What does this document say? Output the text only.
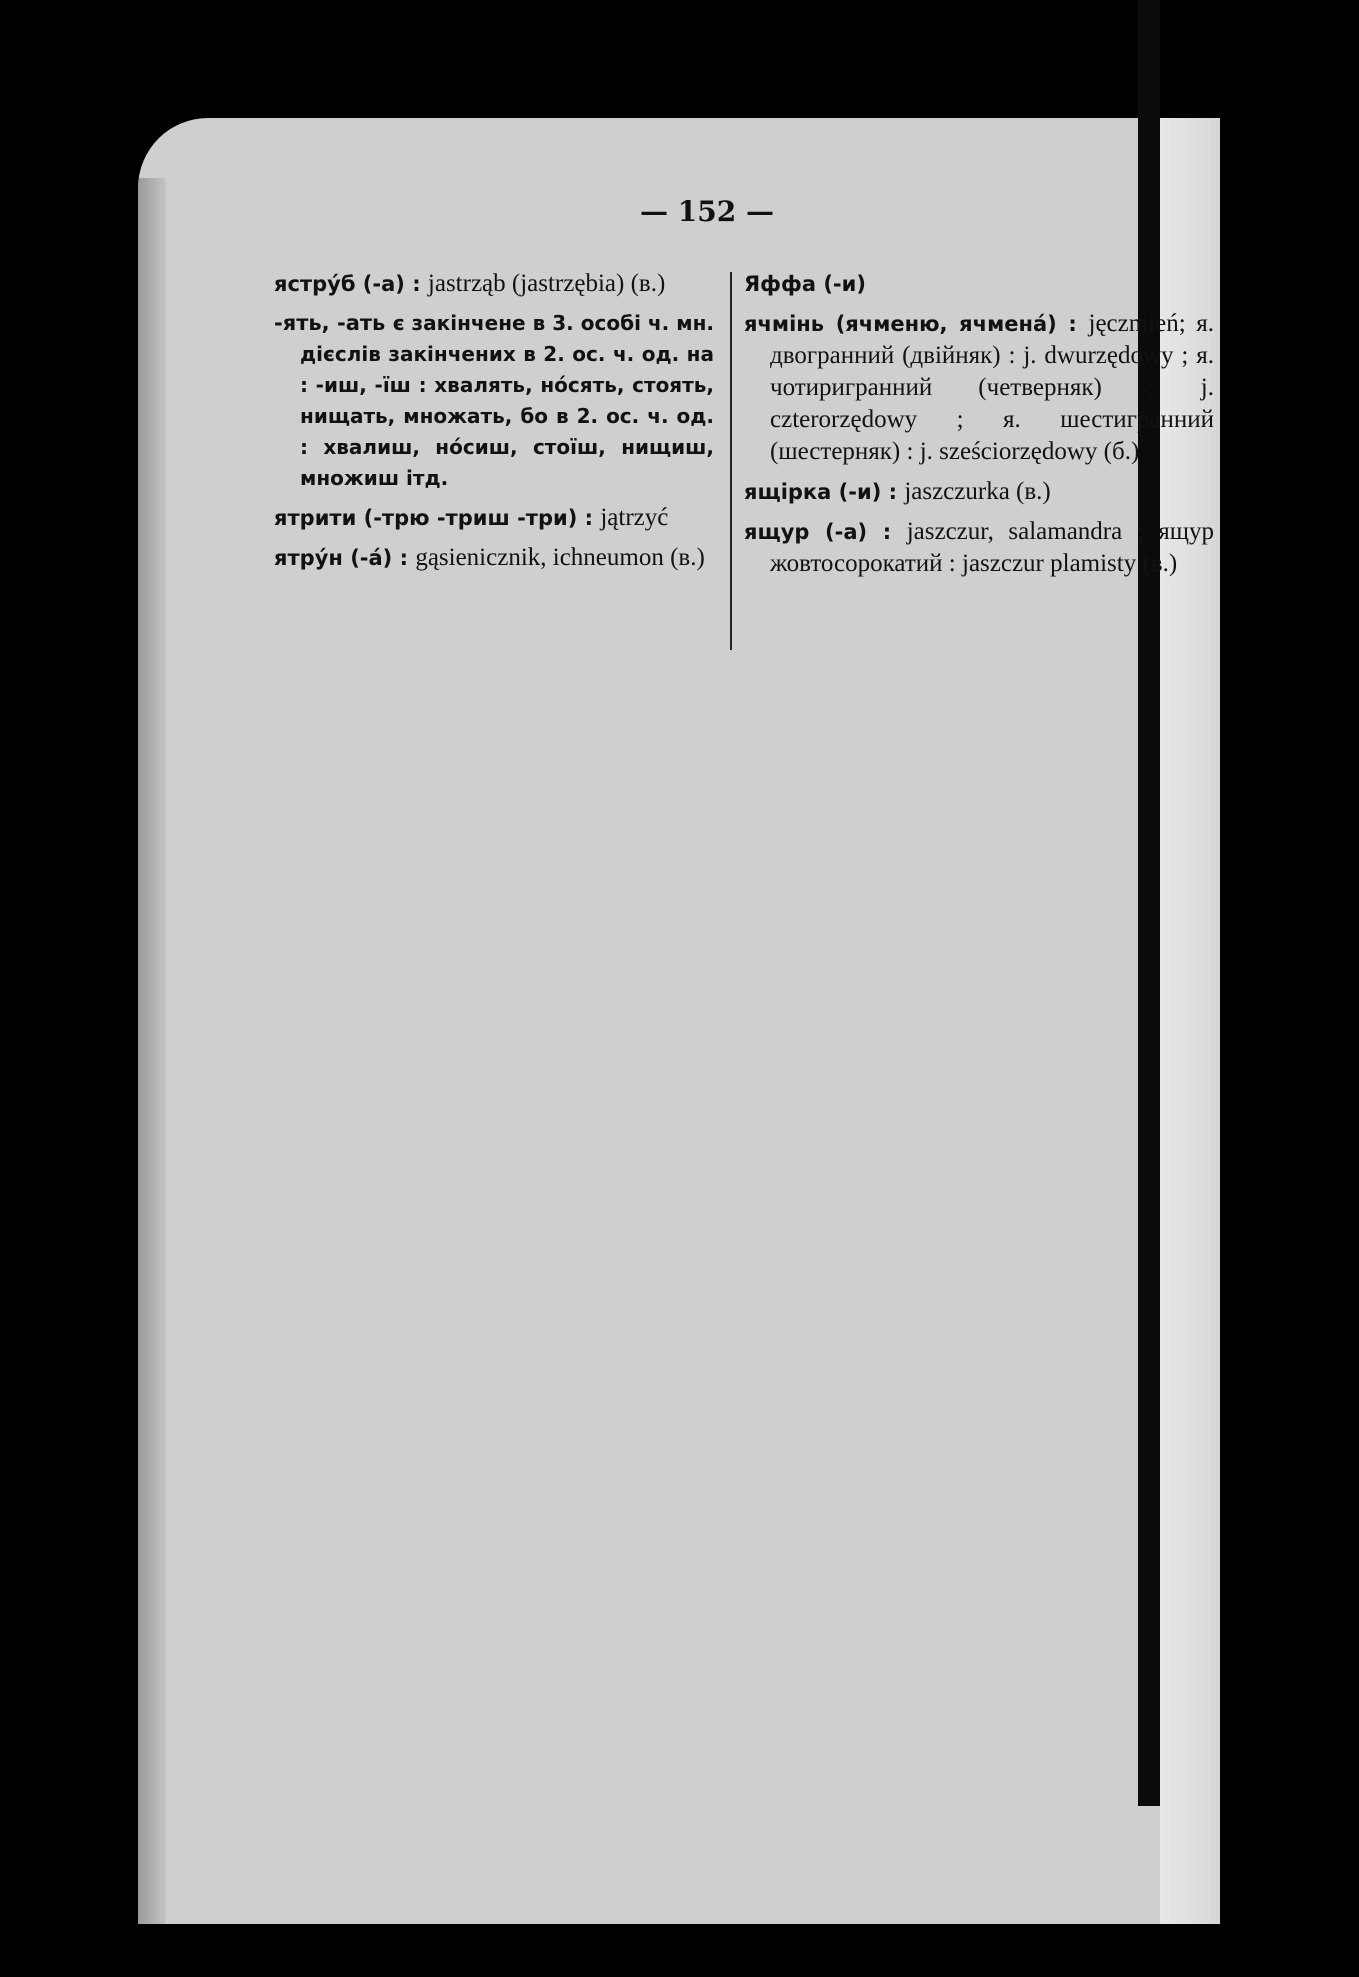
— 152 —
ястрýб (-а) : jastrząb (jastrzębia) (в.)
-ять, -ать є закінчене в 3. особі ч. мн. дієслів закінчених в 2. ос. ч. од. на : -иш, -їш : хвалять, нóсять, стоять, нищать, множать, бо в 2. ос. ч. од. : хвалиш, нóсиш, стоїш, нищиш, множиш ітд.
ятрити (-трю -триш -три) : jątrzyć
ятрýн (-á) : gąsienicznik, ichneumon (в.)
Яффа (-и)
ячмінь (ячменю, ячменá) : jęczmień; я. двогранний (двійняк) : j. dwurzędowy ; я. чотиригранний (четверняк) : j. czterorzędowy ; я. шестигранний (шестерняк) : j. sześciorzędowy (б.)
ящірка (-и) : jaszczurka (в.)
ящур (-а) : jaszczur, salamandra ; ящур жовтосорокатий : jaszczur plamisty (в.)
